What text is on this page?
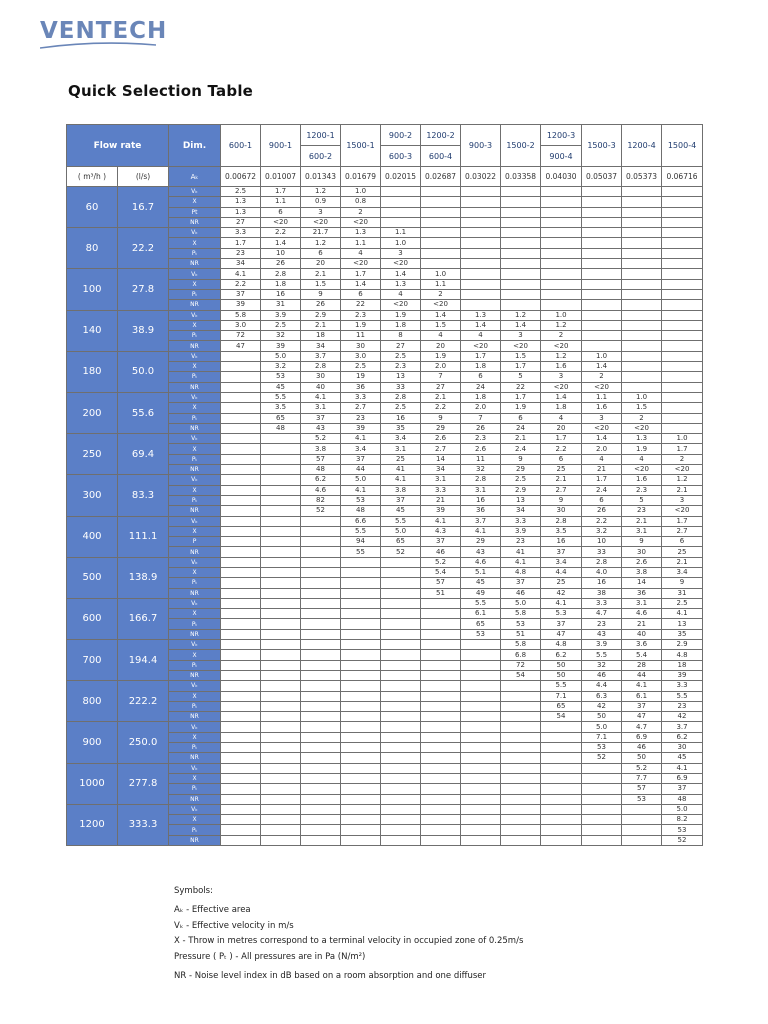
VENTECH
Quick Selection Table
Flow rate		Dim.	600-1	900-1	1200-1	1500-1	900-2	1200-2	900-3	1500-2	1200-3	1500-3	1200-4	1500-4
					600-2		600-3	600-4			900-4			
( m³/h )	(l/s)	Aₖ	0.00672	0.01007	0.01343	0.01679	0.02015	0.02687	0.03022	0.03358	0.04030	0.05037	0.05373	0.06716
60	16.7	Vₖ	2.5	1.7	1.2	1.0								
		X	1.3	1.1	0.9	0.8								
		Pt	1.3	6	3	2								
		NR	27	<20	<20	<20								
80	22.2	Vₖ	3.3	2.2	21.7	1.3	1.1							
		X	1.7	1.4	1.2	1.1	1.0							
		Pₜ	23	10	6	4	3							
		NR	34	26	20	<20	<20							
100	27.8	Vₖ	4.1	2.8	2.1	1.7	1.4	1.0						
		X	2.2	1.8	1.5	1.4	1.3	1.1						
		Pₜ	37	16	9	6	4	2						
		NR	39	31	26	22	<20	<20						
140	38.9	Vₖ	5.8	3.9	2.9	2.3	1.9	1.4	1.3	1.2	1.0			
		X	3.0	2.5	2.1	1.9	1.8	1.5	1.4	1.4	1.2			
		Pₜ	72	32	18	11	8	4	4	3	2			
		NR	47	39	34	30	27	20	<20	<20	<20			
180	50.0	Vₖ		5.0	3.7	3.0	2.5	1.9	1.7	1.5	1.2	1.0		
		X		3.2	2.8	2.5	2.3	2.0	1.8	1.7	1.6	1.4		
		Pₜ		53	30	19	13	7	6	5	3	2		
		NR		45	40	36	33	27	24	22	<20	<20		
200	55.6	Vₖ		5.5	4.1	3.3	2.8	2.1	1.8	1.7	1.4	1.1	1.0	
		X		3.5	3.1	2.7	2.5	2.2	2.0	1.9	1.8	1.6	1.5	
		Pₜ		65	37	23	16	9	7	6	4	3	2	
		NR		48	43	39	35	29	26	24	20	<20	<20	
250	69.4	Vₖ			5.2	4.1	3.4	2.6	2.3	2.1	1.7	1.4	1.3	1.0
		X			3.8	3.4	3.1	2.7	2.6	2.4	2.2	2.0	1.9	1.7
		Pₜ			57	37	25	14	11	9	6	4	4	2
		NR			48	44	41	34	32	29	25	21	<20	<20
300	83.3	Vₖ			6.2	5.0	4.1	3.1	2.8	2.5	2.1	1.7	1.6	1.2
		X			4.6	4.1	3.8	3.3	3.1	2.9	2.7	2.4	2.3	2.1
		Pₜ			82	53	37	21	16	13	9	6	5	3
		NR			52	48	45	39	36	34	30	26	23	<20
400	111.1	Vₖ				6.6	5.5	4.1	3.7	3.3	2.8	2.2	2.1	1.7
		X				5.5	5.0	4.3	4.1	3.9	3.5	3.2	3.1	2.7
		P				94	65	37	29	23	16	10	9	6
		NR				55	52	46	43	41	37	33	30	25
500	138.9	Vₖ						5.2	4.6	4.1	3.4	2.8	2.6	2.1
		X						5.4	5.1	4.8	4.4	4.0	3.8	3.4
		Pₜ						57	45	37	25	16	14	9
		NR						51	49	46	42	38	36	31
600	166.7	Vₖ							5.5	5.0	4.1	3.3	3.1	2.5
		X							6.1	5.8	5.3	4.7	4.6	4.1
		Pₜ							65	53	37	23	21	13
		NR							53	51	47	43	40	35
700	194.4	Vₖ								5.8	4.8	3.9	3.6	2.9
		X								6.8	6.2	5.5	5.4	4.8
		Pₜ								72	50	32	28	18
		NR								54	50	46	44	39
800	222.2	Vₖ									5.5	4.4	4.1	3.3
		X									7.1	6.3	6.1	5.5
		Pₜ									65	42	37	23
		NR									54	50	47	42
900	250.0	Vₖ										5.0	4.7	3.7
		X										7.1	6.9	6.2
		Pₜ										53	46	30
		NR										52	50	45
1000	277.8	Vₖ											5.2	4.1
		X											7.7	6.9
		Pₜ											57	37
		NR											53	48
1200	333.3	Vₖ												5.0
		X												8.2
		Pₜ												53
		NR												52
Symbols:
Aₖ - Effective area
Vₖ - Effective velocity in m/s
X - Throw in metres correspond to a terminal velocity in occupied zone of 0.25m/s
Pressure ( Pₜ ) - All pressures are in Pa (N/m²)
NR - Noise level index in dB based on a room absorption and one diffuser
